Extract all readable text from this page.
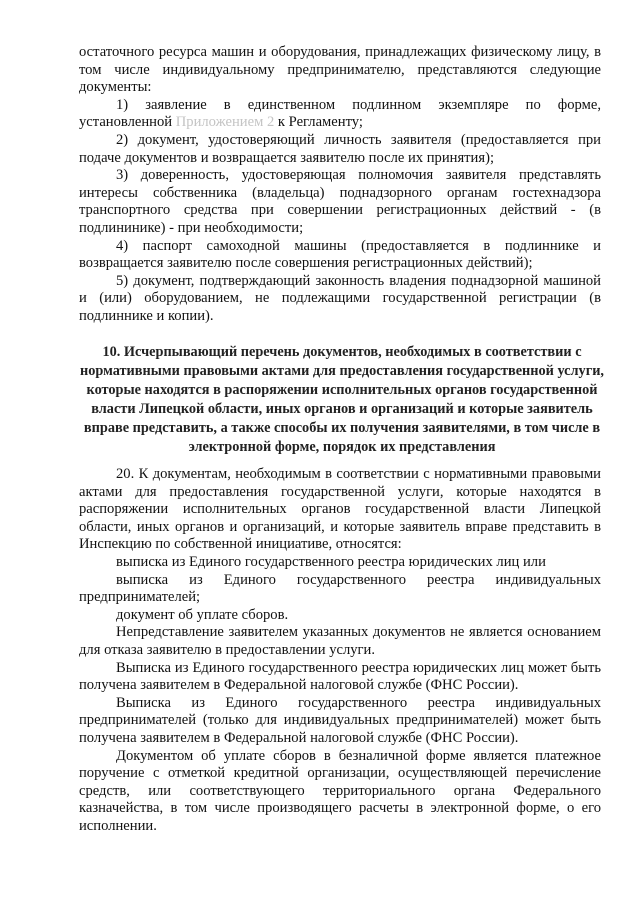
остаточного ресурса машин и оборудования, принадлежащих физическому лицу, в том числе индивидуальному предпринимателю, представляются следующие документы:

1) заявление в единственном подлинном экземпляре по форме, установленной Приложением 2 к Регламенту;

2) документ, удостоверяющий личность заявителя (предоставляется при подаче документов и возвращается заявителю после их принятия);

3) доверенность, удостоверяющая полномочия заявителя представлять интересы собственника (владельца) поднадзорного органам гостехнадзора транспортного средства при совершении регистрационных действий - (в подлининике) - при необходимости;

4) паспорт самоходной машины (предоставляется в подлиннике и возвращается заявителю после совершения регистрационных действий);

5) документ, подтверждающий законность владения поднадзорной машиной и (или) оборудованием, не подлежащими государственной регистрации (в подлиннике и копии).

10. Исчерпывающий перечень документов, необходимых в соответствии с нормативными правовыми актами для предоставления государственной услуги, которые находятся в распоряжении исполнительных органов государственной власти Липецкой области, иных органов и организаций и которые заявитель вправе представить, а также способы их получения заявителями, в том числе в электронной форме, порядок их представления

20. К документам, необходимым в соответствии с нормативными правовыми актами для предоставления государственной услуги, которые находятся в распоряжении исполнительных органов государственной власти Липецкой области, иных органов и организаций, и которые заявитель вправе представить в Инспекцию по собственной инициативе, относятся:

выписка из Единого государственного реестра юридических лиц или

выписка из Единого государственного реестра индивидуальных предпринимателей;

документ об уплате сборов.

Непредставление заявителем указанных документов не является основанием для отказа заявителю в предоставлении услуги.

Выписка из Единого государственного реестра юридических лиц может быть получена заявителем в Федеральной налоговой службе (ФНС России).

Выписка из Единого государственного реестра индивидуальных предпринимателей (только для индивидуальных предпринимателей) может быть получена заявителем в Федеральной налоговой службе (ФНС России).

Документом об уплате сборов в безналичной форме является платежное поручение с отметкой кредитной организации, осуществляющей перечисление средств, или соответствующего территориального органа Федерального казначейства, в том числе производящего расчеты в электронной форме, о его исполнении.
